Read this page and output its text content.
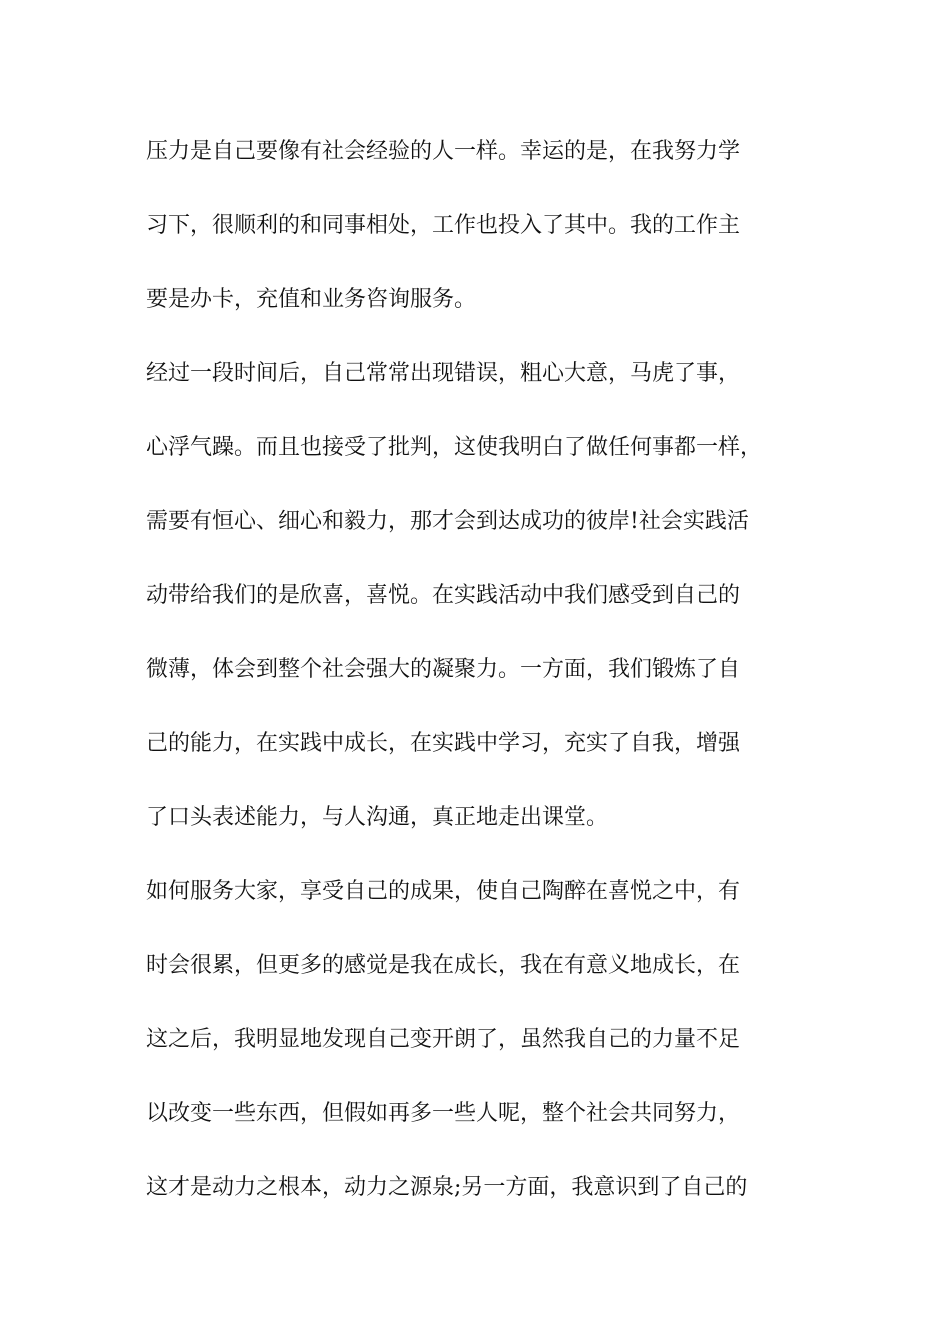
压力是自己要像有社会经验的人一样。幸运的是，在我努力学
习下，很顺利的和同事相处，工作也投入了其中。我的工作主
要是办卡，充值和业务咨询服务。
经过一段时间后，自己常常出现错误，粗心大意，马虎了事，
心浮气躁。而且也接受了批判，这使我明白了做任何事都一样，
需要有恒心、细心和毅力，那才会到达成功的彼岸!社会实践活
动带给我们的是欣喜，喜悦。在实践活动中我们感受到自己的
微薄，体会到整个社会强大的凝聚力。一方面，我们锻炼了自
己的能力，在实践中成长，在实践中学习，充实了自我，增强
了口头表述能力，与人沟通，真正地走出课堂。
如何服务大家，享受自己的成果，使自己陶醉在喜悦之中，有
时会很累，但更多的感觉是我在成长，我在有意义地成长，在
这之后，我明显地发现自己变开朗了，虽然我自己的力量不足
以改变一些东西，但假如再多一些人呢，整个社会共同努力，
这才是动力之根本，动力之源泉;另一方面，我意识到了自己的
